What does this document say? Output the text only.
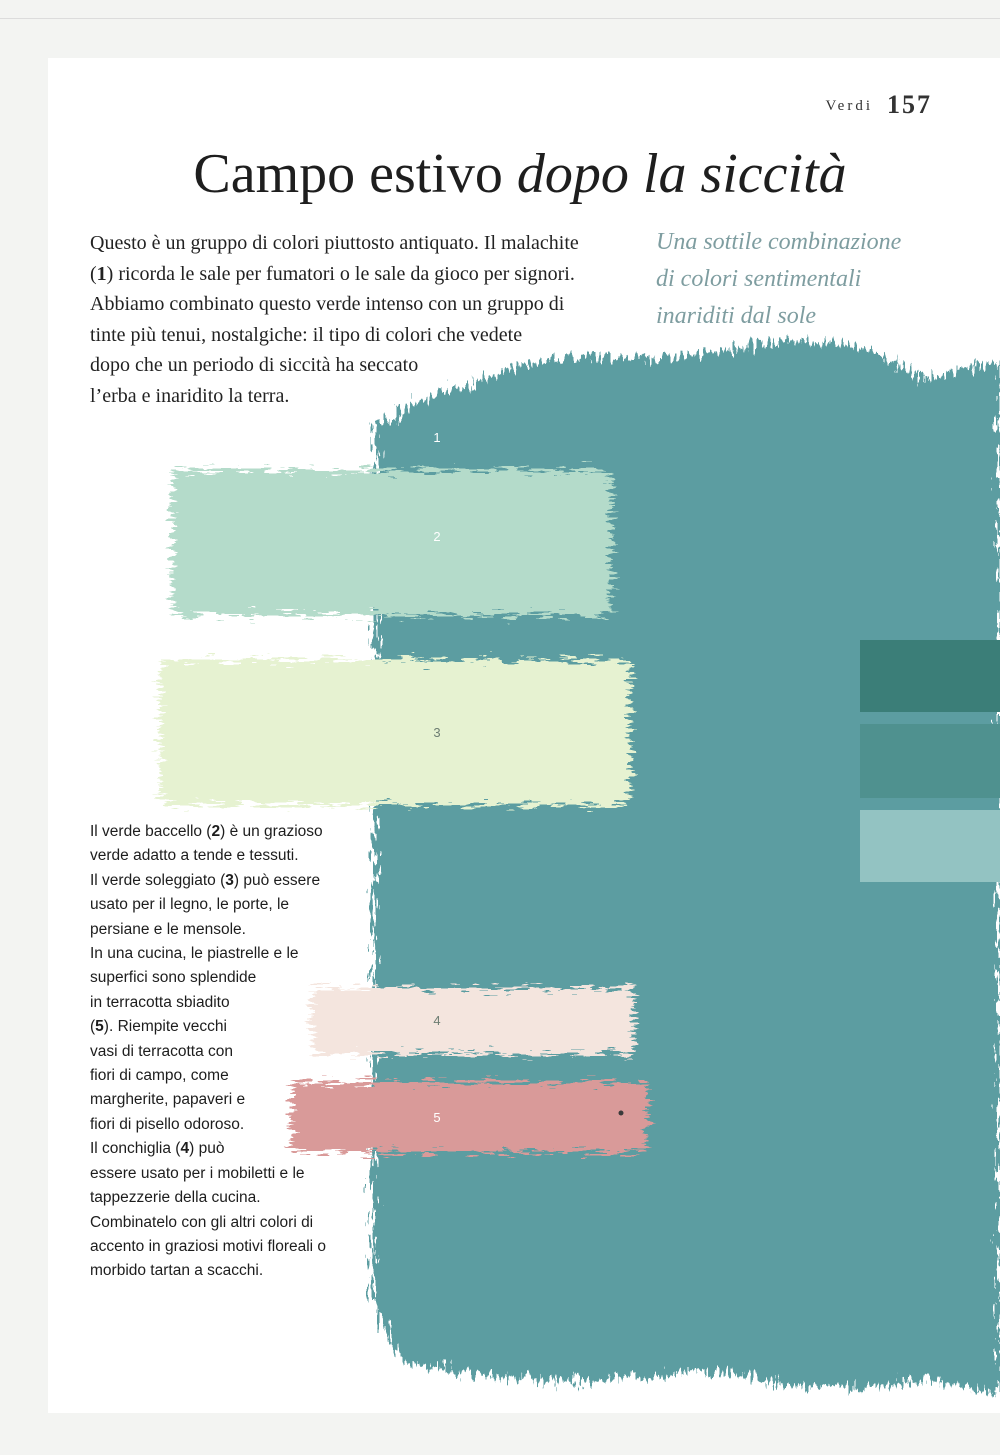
Verdi 157
Campo estivo dopo la siccità
Questo è un gruppo di colori piuttosto antiquato. Il malachite
(1) ricorda le sale per fumatori o le sale da gioco per signori.
Abbiamo combinato questo verde intenso con un gruppo di
tinte più tenui, nostalgiche: il tipo di colori che vedete
dopo che un periodo di siccità ha seccato
l’erba e inaridito la terra.
Una sottile combinazione
di colori sentimentali
inariditi dal sole
1
2
3
4
5
Il verde baccello (2) è un grazioso
verde adatto a tende e tessuti.
Il verde soleggiato (3) può essere
usato per il legno, le porte, le
persiane e le mensole.
In una cucina, le piastrelle e le
superfici sono splendide
in terracotta sbiadito
(5). Riempite vecchi
vasi di terracotta con
fiori di campo, come
margherite, papaveri e
fiori di pisello odoroso.
Il conchiglia (4) può
essere usato per i mobiletti e le
tappezzerie della cucina.
Combinatelo con gli altri colori di
accento in graziosi motivi floreali o
morbido tartan a scacchi.
